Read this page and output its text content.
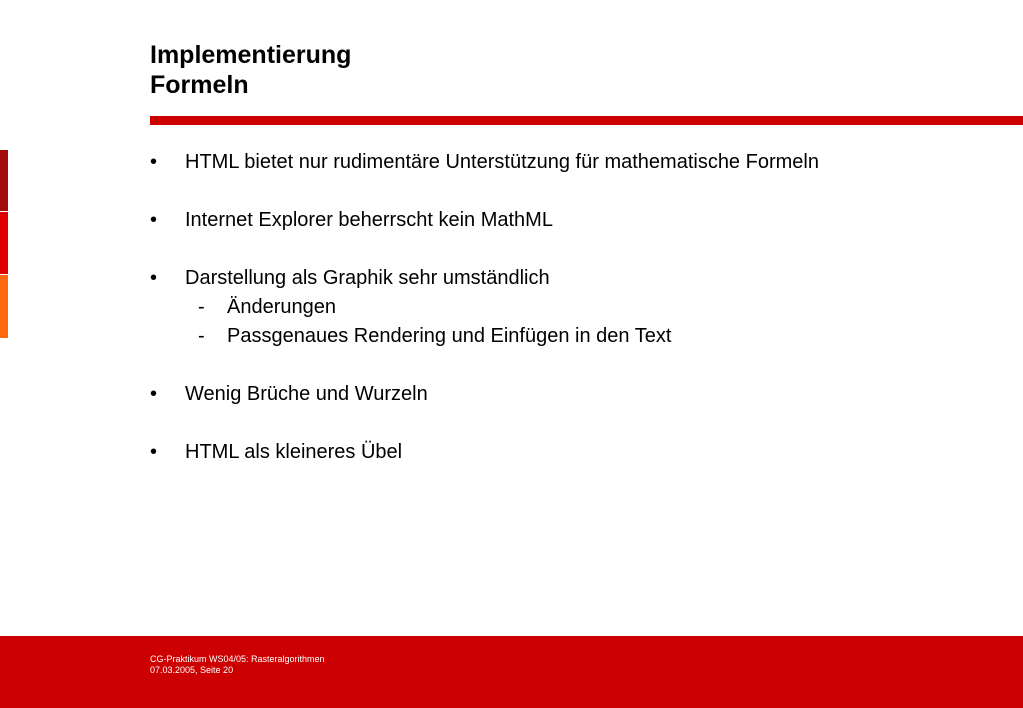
Implementierung
Formeln
• HTML bietet nur rudimentäre Unterstützung für mathematische Formeln
• Internet Explorer beherrscht kein MathML
• Darstellung als Graphik sehr umständlich
- Änderungen
- Passgenaues Rendering und Einfügen in den Text
• Wenig Brüche und Wurzeln
• HTML als kleineres Übel
CG-Praktikum WS04/05: Rasteralgorithmen
07.03.2005, Seite 20
